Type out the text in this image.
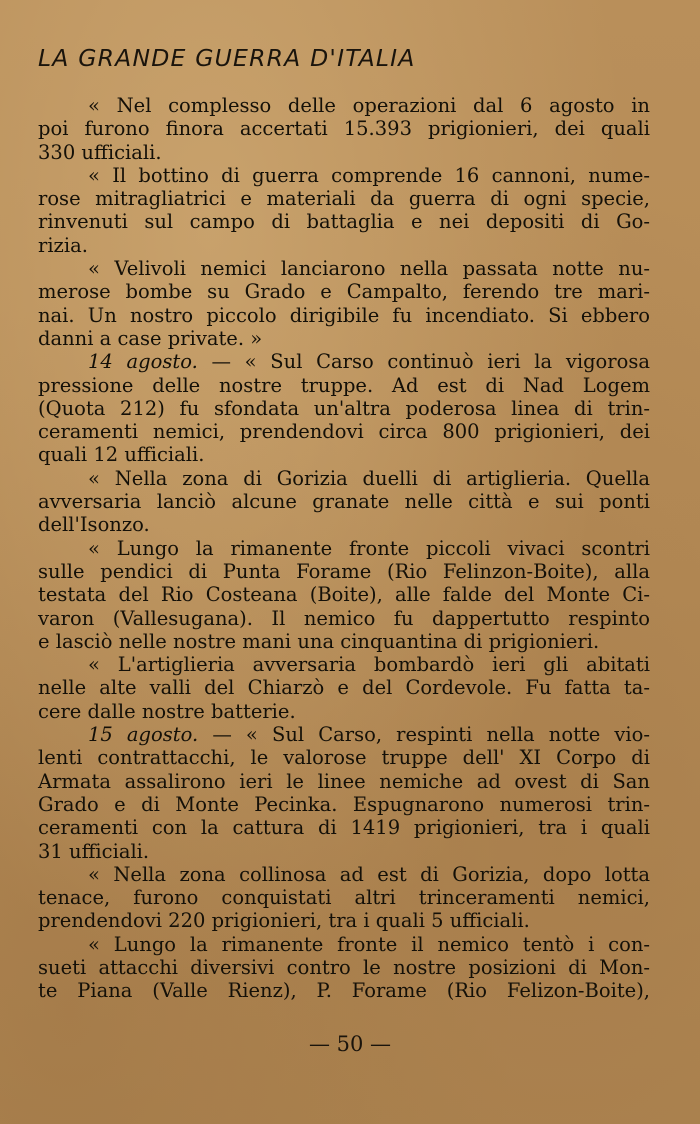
LA GRANDE GUERRA D'ITALIA
« Nel complesso delle operazioni dal 6 agosto in
poi furono finora accertati 15.393 prigionieri, dei quali
330 ufficiali.
« Il bottino di guerra comprende 16 cannoni, nume-
rose mitragliatrici e materiali da guerra di ogni specie,
rinvenuti sul campo di battaglia e nei depositi di Go-
rizia.
« Velivoli nemici lanciarono nella passata notte nu-
merose bombe su Grado e Campalto, ferendo tre mari-
nai. Un nostro piccolo dirigibile fu incendiato. Si ebbero
danni a case private. »
14 agosto. — « Sul Carso continuò ieri la vigorosa
pressione delle nostre truppe. Ad est di Nad Logem
(Quota 212) fu sfondata un'altra poderosa linea di trin-
ceramenti nemici, prendendovi circa 800 prigionieri, dei
quali 12 ufficiali.
« Nella zona di Gorizia duelli di artiglieria. Quella
avversaria lanciò alcune granate nelle città e sui ponti
dell'Isonzo.
« Lungo la rimanente fronte piccoli vivaci scontri
sulle pendici di Punta Forame (Rio Felinzon-Boite), alla
testata del Rio Costeana (Boite), alle falde del Monte Ci-
varon (Vallesugana). Il nemico fu dappertutto respinto
e lasciò nelle nostre mani una cinquantina di prigionieri.
« L'artiglieria avversaria bombardò ieri gli abitati
nelle alte valli del Chiarzò e del Cordevole. Fu fatta ta-
cere dalle nostre batterie.
15 agosto. — « Sul Carso, respinti nella notte vio-
lenti contrattacchi, le valorose truppe dell' XI Corpo di
Armata assalirono ieri le linee nemiche ad ovest di San
Grado e di Monte Pecinka. Espugnarono numerosi trin-
ceramenti con la cattura di 1419 prigionieri, tra i quali
31 ufficiali.
« Nella zona collinosa ad est di Gorizia, dopo lotta
tenace, furono conquistati altri trinceramenti nemici,
prendendovi 220 prigionieri, tra i quali 5 ufficiali.
« Lungo la rimanente fronte il nemico tentò i con-
sueti attacchi diversivi contro le nostre posizioni di Mon-
te Piana (Valle Rienz), P. Forame (Rio Felizon-Boite),
— 50 —
